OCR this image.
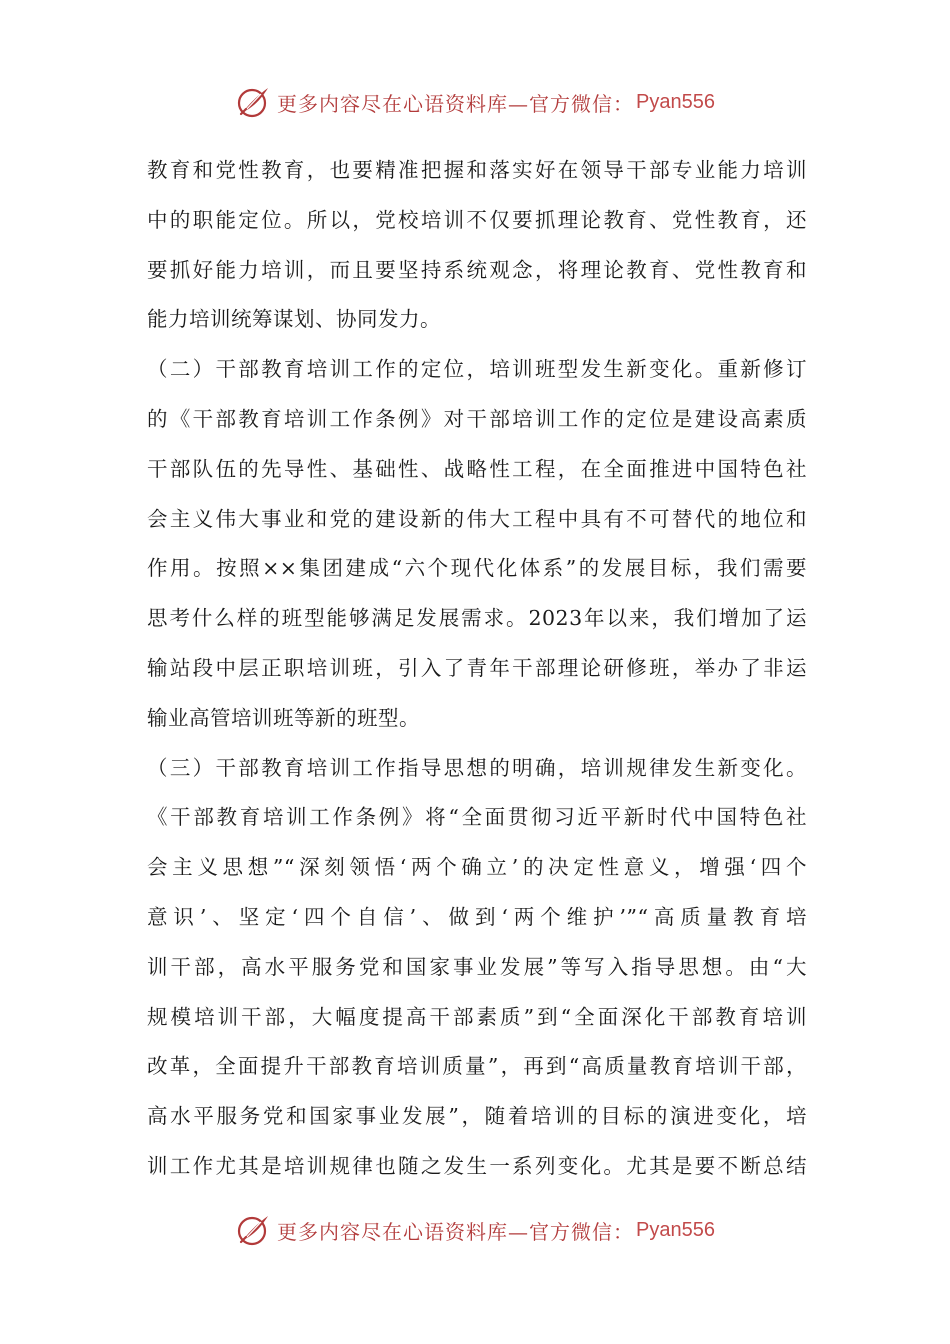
更多内容尽在心语资料库—官方微信： Pyan556
教育和党性教育，也要精准把握和落实好在领导干部专业能力培训
中的职能定位。所以，党校培训不仅要抓理论教育、党性教育，还
要抓好能力培训，而且要坚持系统观念，将理论教育、党性教育和
能力培训统筹谋划、协同发力。
（二）干部教育培训工作的定位，培训班型发生新变化。重新修订
的《干部教育培训工作条例》对干部培训工作的定位是建设高素质
干部队伍的先导性、基础性、战略性工程，在全面推进中国特色社
会主义伟大事业和党的建设新的伟大工程中具有不可替代的地位和
作用。按照××集团建成“六个现代化体系”的发展目标，我们需要
思考什么样的班型能够满足发展需求。2023年以来，我们增加了运
输站段中层正职培训班，引入了青年干部理论研修班，举办了非运
输业高管培训班等新的班型。
（三）干部教育培训工作指导思想的明确，培训规律发生新变化。
《干部教育培训工作条例》将“全面贯彻习近平新时代中国特色社
会主义思想”“深刻领悟‘两个确立’的决定性意义，增强‘四个
意识’、坚定‘四个自信’、做到‘两个维护’”“高质量教育培
训干部，高水平服务党和国家事业发展”等写入指导思想。由“大
规模培训干部，大幅度提高干部素质”到“全面深化干部教育培训
改革，全面提升干部教育培训质量”，再到“高质量教育培训干部，
高水平服务党和国家事业发展”，随着培训的目标的演进变化，培
训工作尤其是培训规律也随之发生一系列变化。尤其是要不断总结
更多内容尽在心语资料库—官方微信： Pyan556
